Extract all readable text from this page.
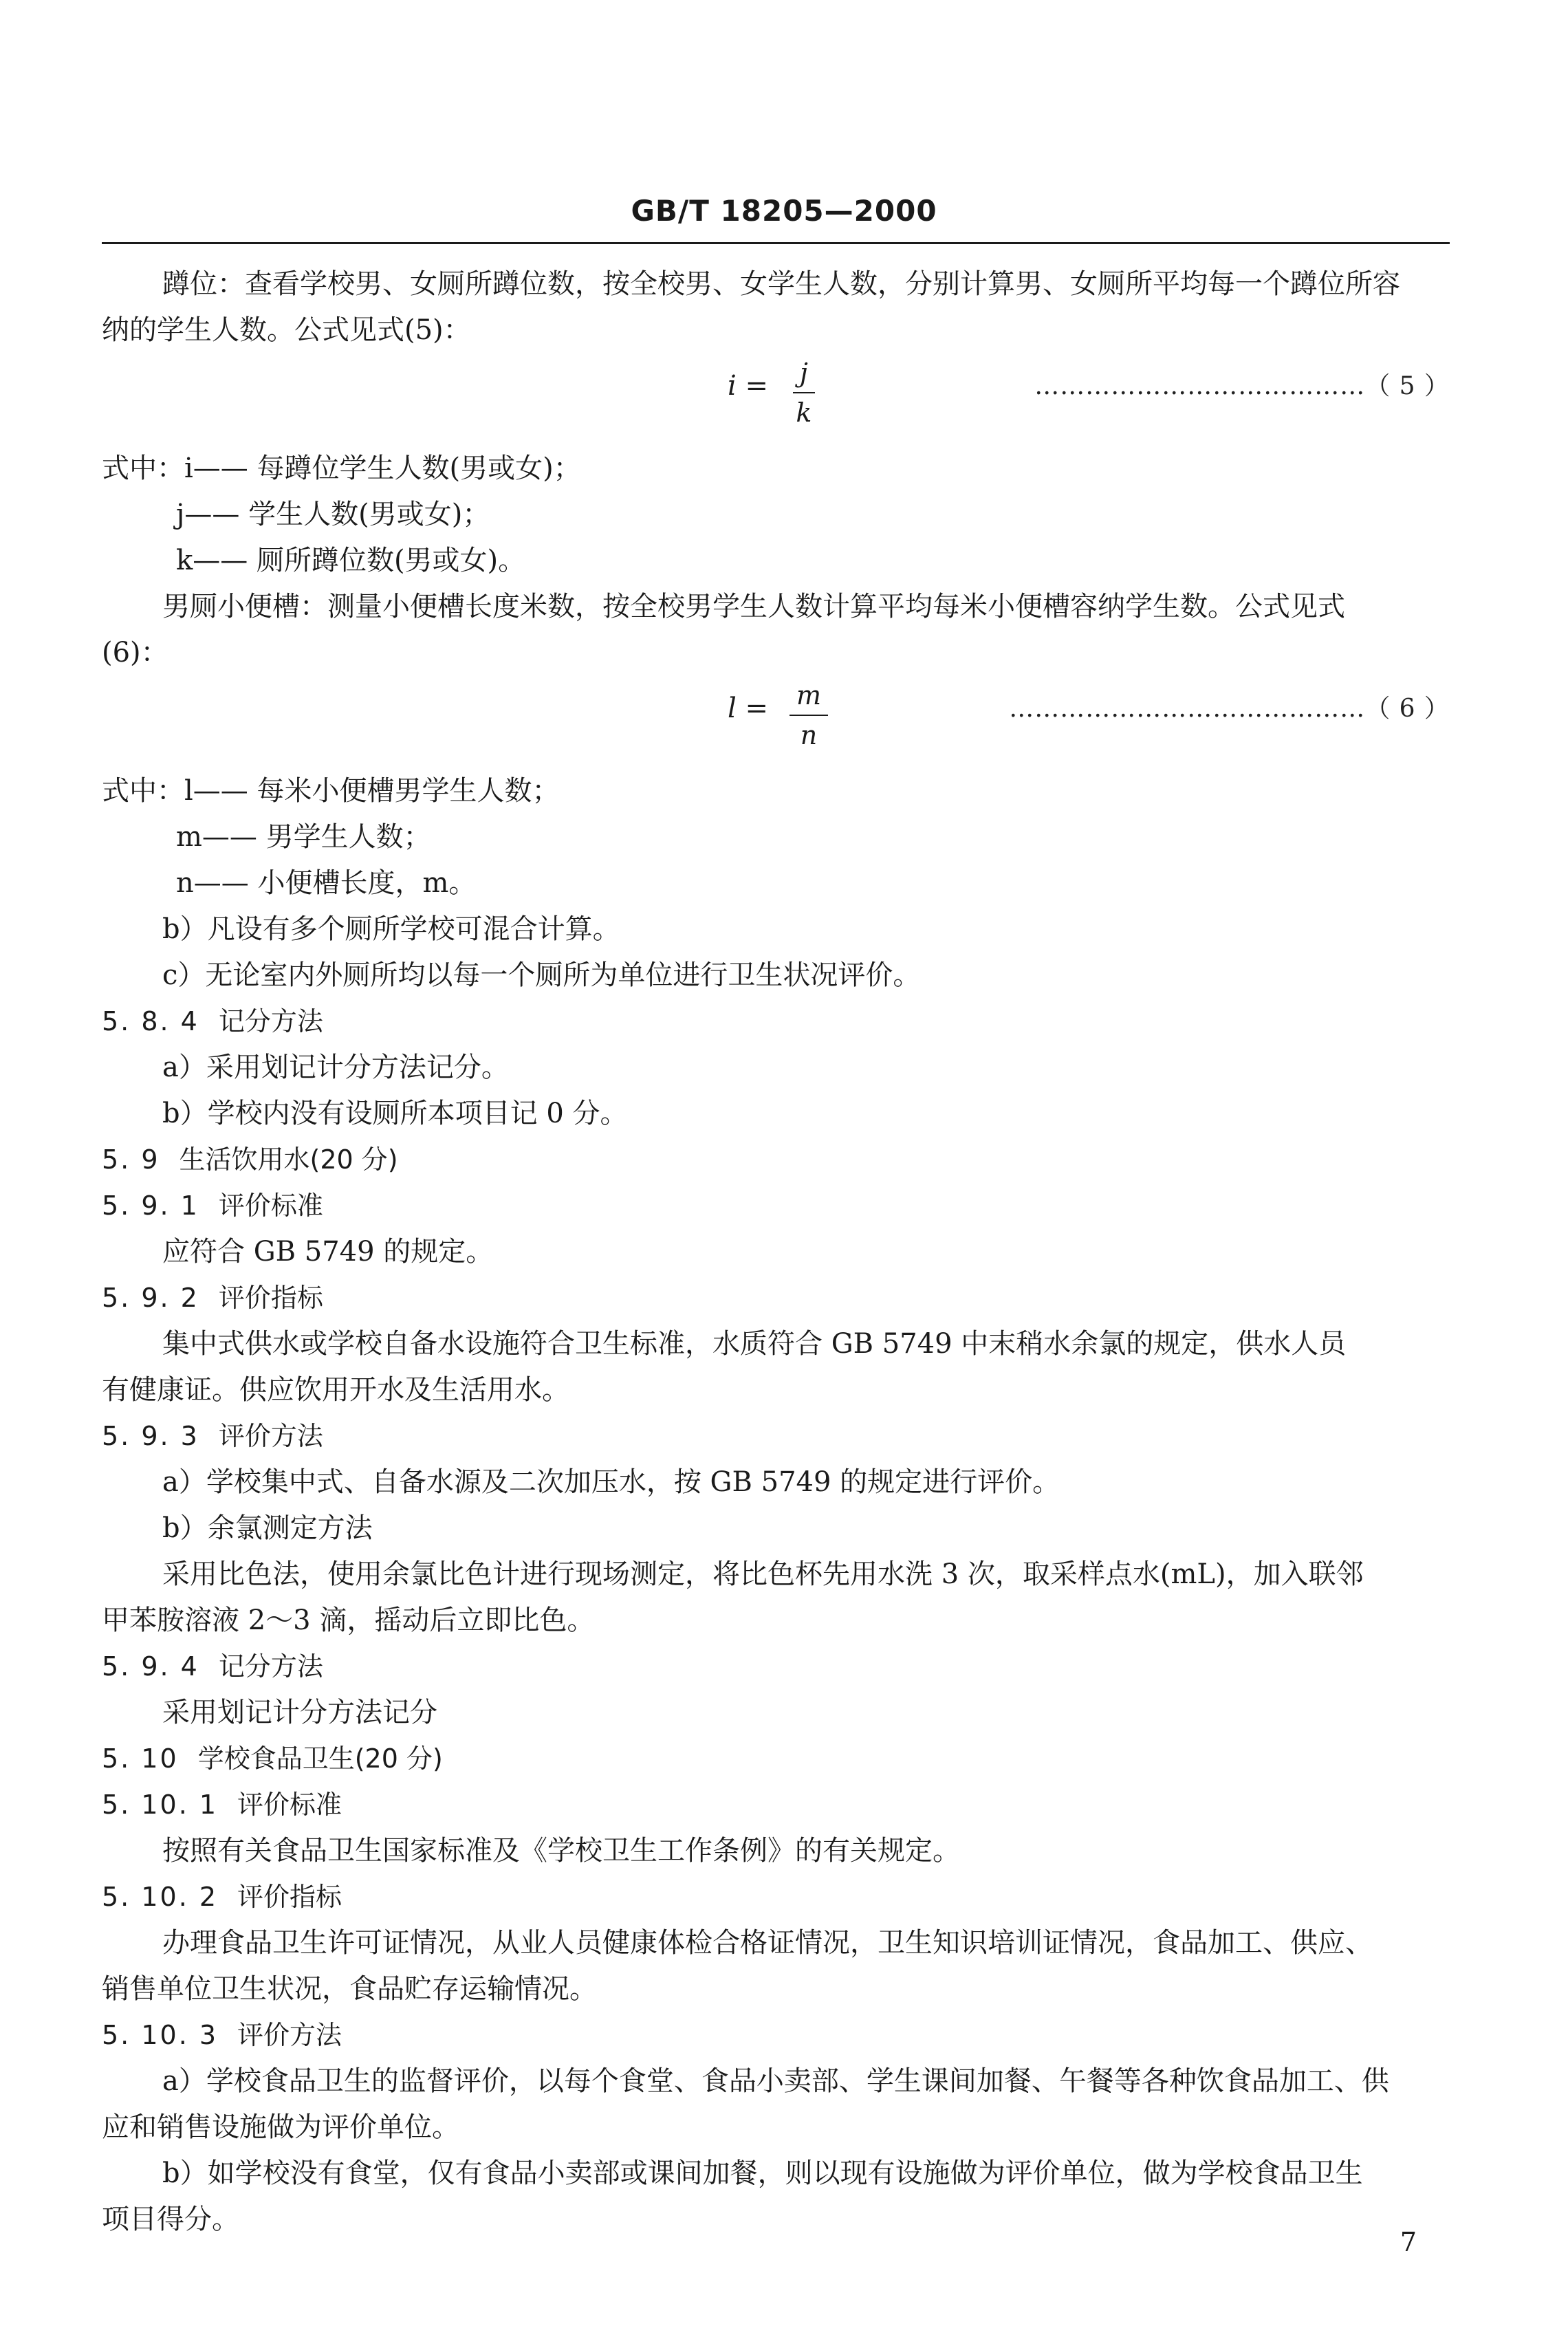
GB/T 18205—2000
蹲位：查看学校男、女厕所蹲位数，按全校男、女学生人数，分别计算男、女厕所平均每一个蹲位所容
纳的学生人数。公式见式(5)：
$i = \frac{j}{k}$	…………………………………（ 5 ）
式中：i—— 每蹲位学生人数(男或女)；
j—— 学生人数(男或女)；
k—— 厕所蹲位数(男或女)。
男厕小便槽：测量小便槽长度米数，按全校男学生人数计算平均每米小便槽容纳学生数。公式见式
(6)：
$l = \frac{m}{n}$	……………………………………（ 6 ）
式中：l—— 每米小便槽男学生人数；
m—— 男学生人数；
n—— 小便槽长度，m。
b）凡设有多个厕所学校可混合计算。
c）无论室内外厕所均以每一个厕所为单位进行卫生状况评价。
5. 8. 4 记分方法
a）采用划记计分方法记分。
b）学校内没有设厕所本项目记 0 分。
5. 9 生活饮用水(20 分)
5. 9. 1 评价标准
应符合 GB 5749 的规定。
5. 9. 2 评价指标
集中式供水或学校自备水设施符合卫生标准，水质符合 GB 5749 中末稍水余氯的规定，供水人员
有健康证。供应饮用开水及生活用水。
5. 9. 3 评价方法
a）学校集中式、自备水源及二次加压水，按 GB 5749 的规定进行评价。
b）余氯测定方法
采用比色法，使用余氯比色计进行现场测定，将比色杯先用水洗 3 次，取采样点水(mL)，加入联邻
甲苯胺溶液 2～3 滴，摇动后立即比色。
5. 9. 4 记分方法
采用划记计分方法记分
5. 10 学校食品卫生(20 分)
5. 10. 1 评价标准
按照有关食品卫生国家标准及《学校卫生工作条例》的有关规定。
5. 10. 2 评价指标
办理食品卫生许可证情况，从业人员健康体检合格证情况，卫生知识培训证情况，食品加工、供应、
销售单位卫生状况，食品贮存运输情况。
5. 10. 3 评价方法
a）学校食品卫生的监督评价，以每个食堂、食品小卖部、学生课间加餐、午餐等各种饮食品加工、供
应和销售设施做为评价单位。
b）如学校没有食堂，仅有食品小卖部或课间加餐，则以现有设施做为评价单位，做为学校食品卫生
项目得分。
7
